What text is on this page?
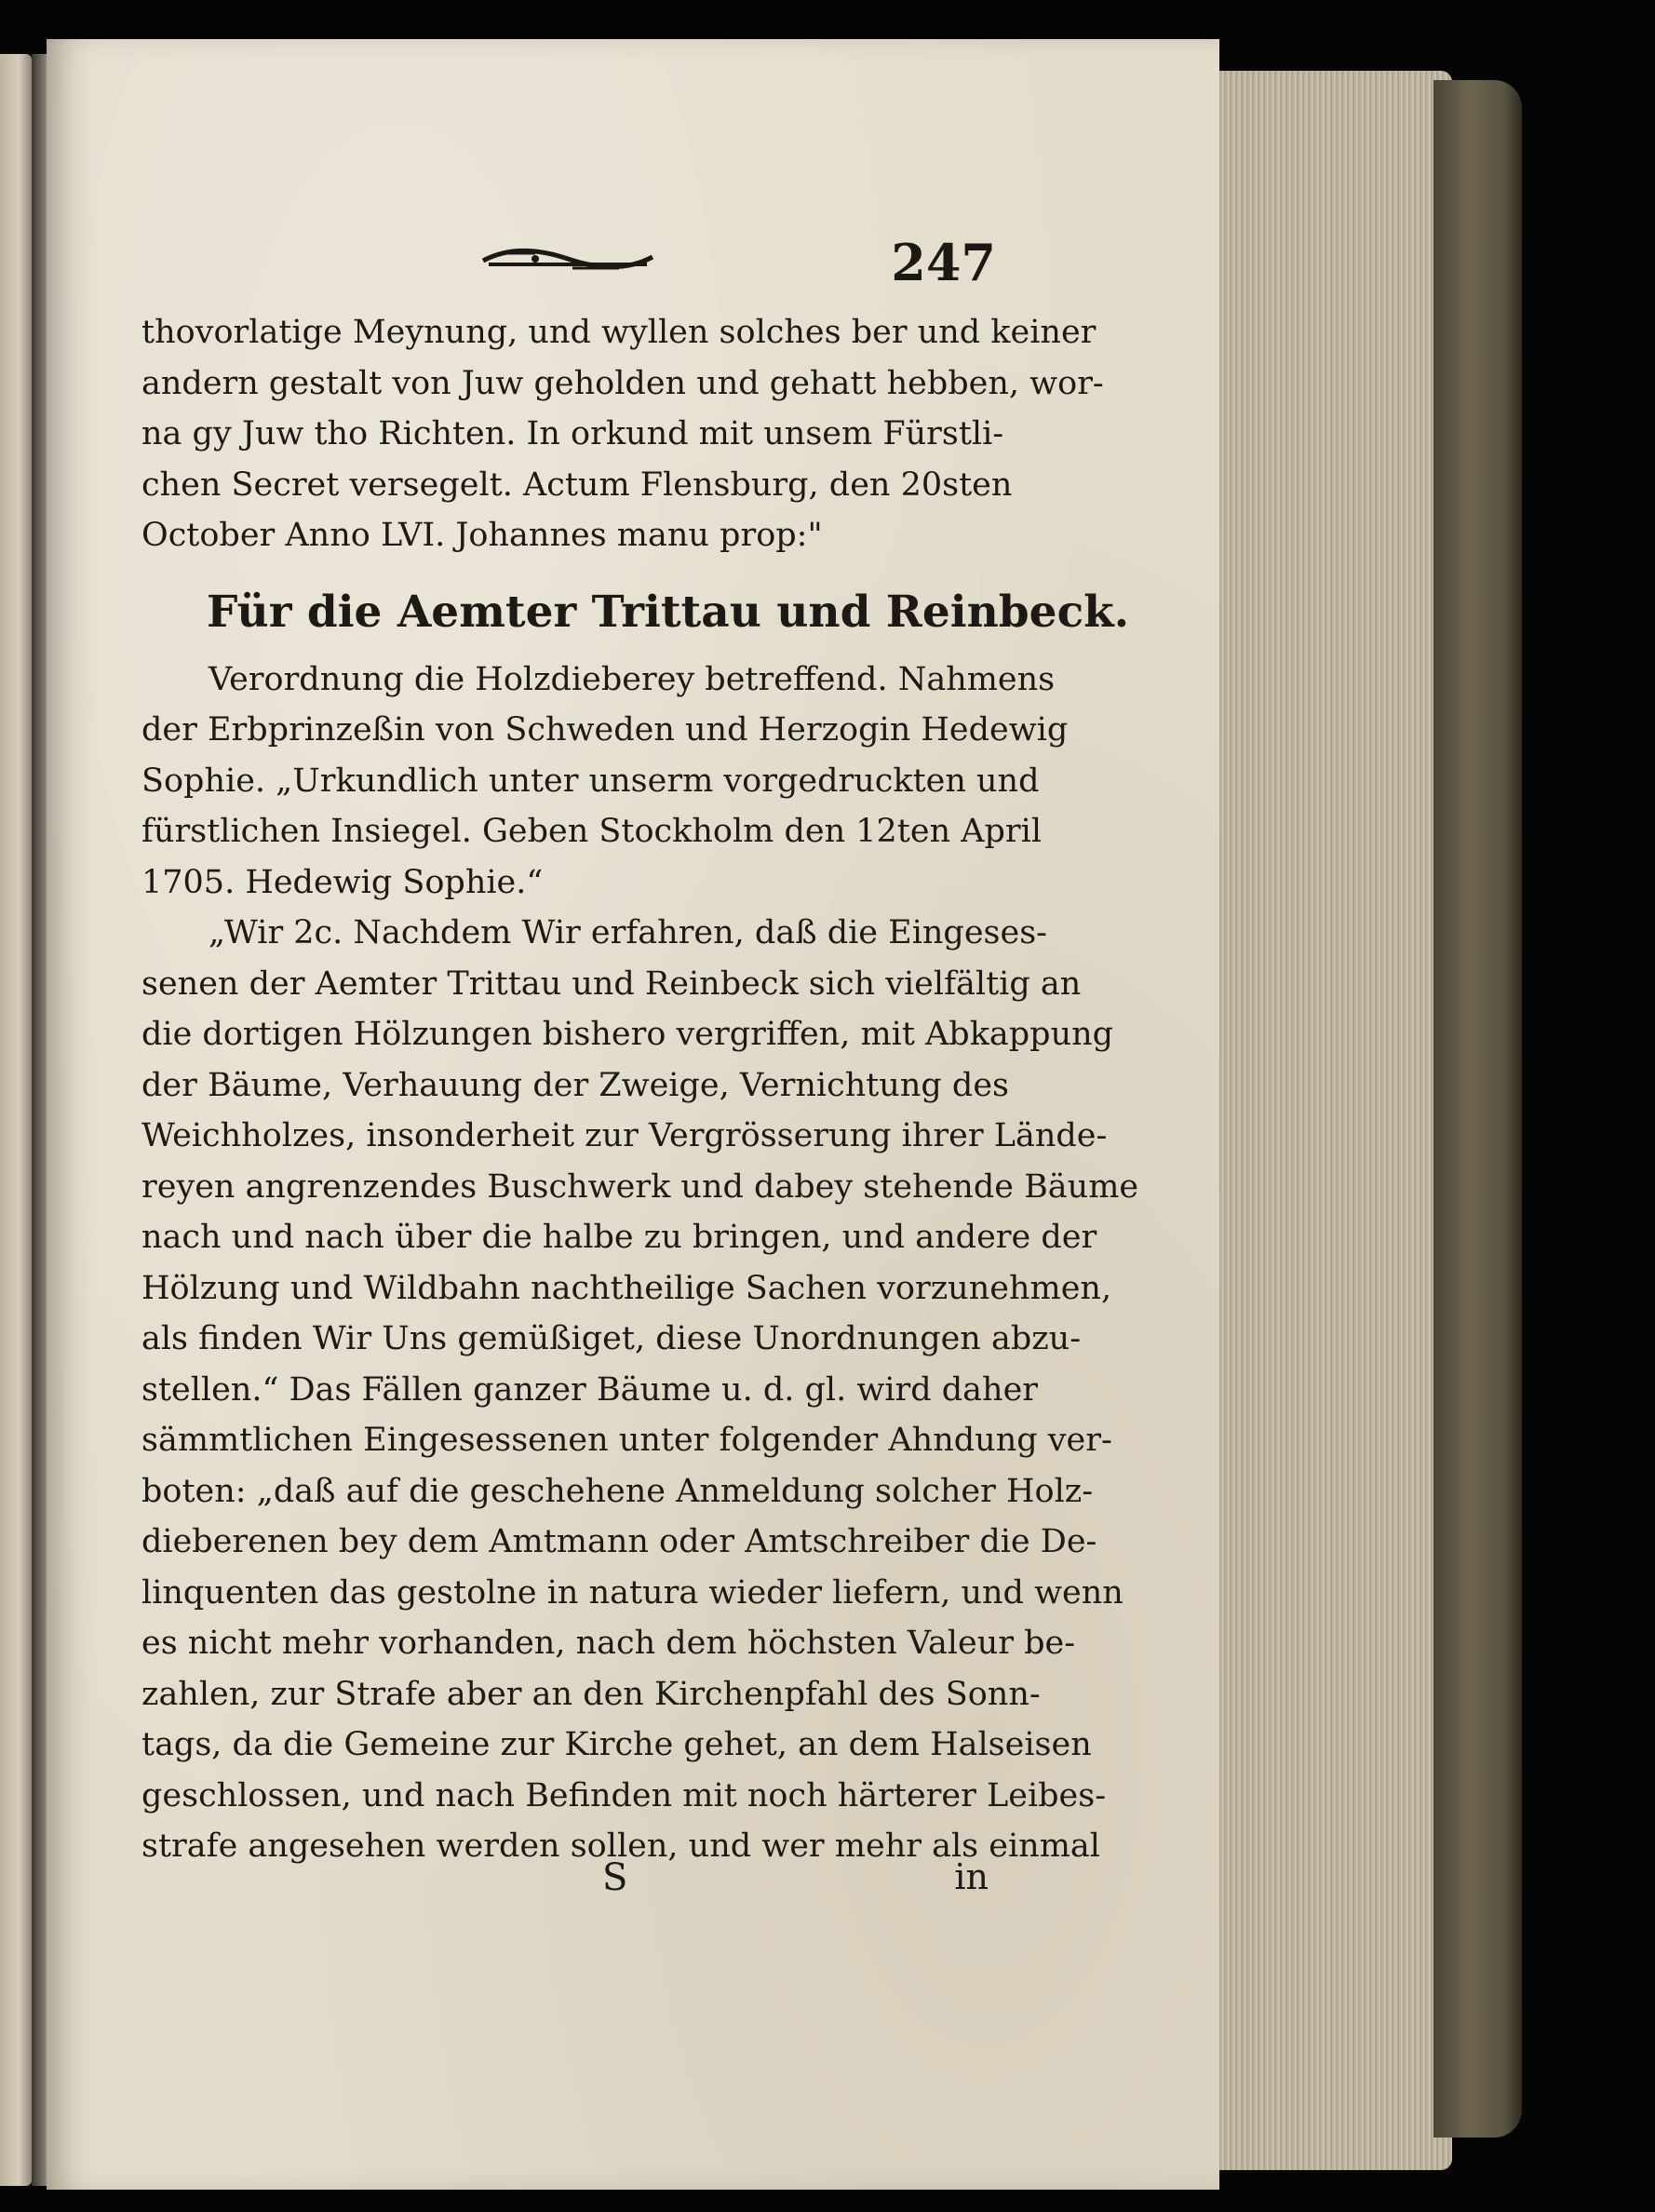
247
thovorlatige Meynung, und wyllen solches ber und keiner
andern gestalt von Juw geholden und gehatt hebben, wor-
na gy Juw tho Richten. In orkund mit unsem Fürstli-
chen Secret versegelt. Actum Flensburg, den 20sten
October Anno LVI. Johannes manu prop:"
Für die Aemter Trittau und Reinbeck.
Verordnung die Holzdieberey betreffend. Nahmens
der Erbprinzeßin von Schweden und Herzogin Hedewig
Sophie. „Urkundlich unter unserm vorgedruckten und
fürstlichen Insiegel. Geben Stockholm den 12ten April
1705. Hedewig Sophie.“
„Wir 2c. Nachdem Wir erfahren, daß die Eingeses-
senen der Aemter Trittau und Reinbeck sich vielfältig an
die dortigen Hölzungen bishero vergriffen, mit Abkappung
der Bäume, Verhauung der Zweige, Vernichtung des
Weichholzes, insonderheit zur Vergrösserung ihrer Lände-
reyen angrenzendes Buschwerk und dabey stehende Bäume
nach und nach über die halbe zu bringen, und andere der
Hölzung und Wildbahn nachtheilige Sachen vorzunehmen,
als finden Wir Uns gemüßiget, diese Unordnungen abzu-
stellen.“ Das Fällen ganzer Bäume u. d. gl. wird daher
sämmtlichen Eingesessenen unter folgender Ahndung ver-
boten: „daß auf die geschehene Anmeldung solcher Holz-
dieberenen bey dem Amtmann oder Amtschreiber die De-
linquenten das gestolne in natura wieder liefern, und wenn
es nicht mehr vorhanden, nach dem höchsten Valeur be-
zahlen, zur Strafe aber an den Kirchenpfahl des Sonn-
tags, da die Gemeine zur Kirche gehet, an dem Halseisen
geschlossen, und nach Befinden mit noch härterer Leibes-
strafe angesehen werden sollen, und wer mehr als einmal
S	in
